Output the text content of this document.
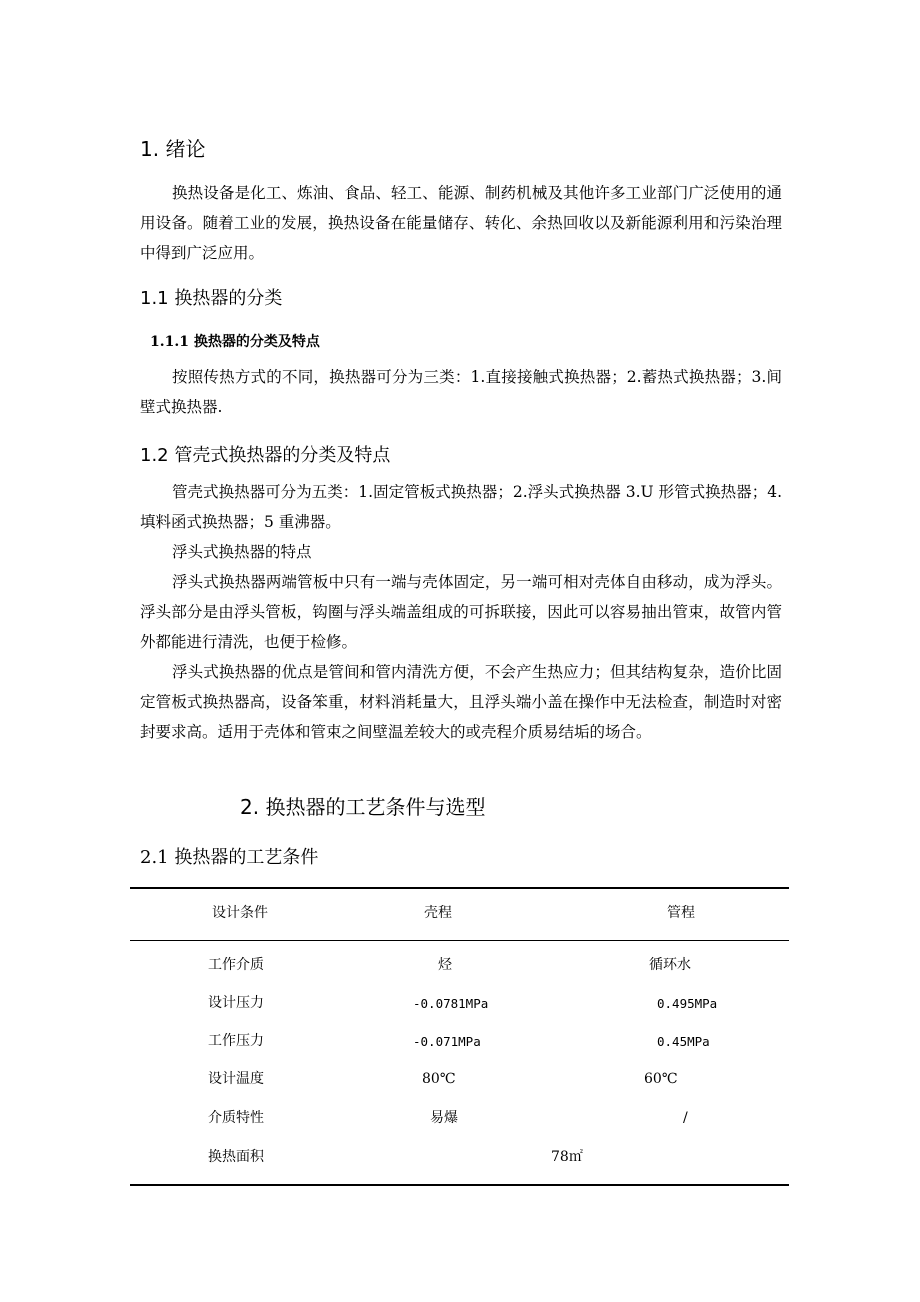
1. 绪论
换热设备是化工、炼油、食品、轻工、能源、制药机械及其他许多工业部门广泛使用的通用设备。随着工业的发展，换热设备在能量储存、转化、余热回收以及新能源利用和污染治理中得到广泛应用。
1.1 换热器的分类
1.1.1 换热器的分类及特点
按照传热方式的不同，换热器可分为三类：1.直接接触式换热器；2.蓄热式换热器；3.间壁式换热器.
1.2 管壳式换热器的分类及特点
管壳式换热器可分为五类：1.固定管板式换热器；2.浮头式换热器 3.U 形管式换热器；4.填料函式换热器；5 重沸器。
浮头式换热器的特点
浮头式换热器两端管板中只有一端与壳体固定，另一端可相对壳体自由移动，成为浮头。浮头部分是由浮头管板，钩圈与浮头端盖组成的可拆联接，因此可以容易抽出管束，故管内管外都能进行清洗，也便于检修。
浮头式换热器的优点是管间和管内清洗方便，不会产生热应力；但其结构复杂，造价比固定管板式换热器高，设备笨重，材料消耗量大，且浮头端小盖在操作中无法检查，制造时对密封要求高。适用于壳体和管束之间壁温差较大的或壳程介质易结垢的场合。
2. 换热器的工艺条件与选型
2.1 换热器的工艺条件
设计条件	壳程	管程
工作介质	烃	循环水
设计压力	-0.0781MPa	0.495MPa
工作压力	-0.071MPa	0.45MPa
设计温度	80℃	60℃
介质特性	易爆	/
换热面积	78㎡
